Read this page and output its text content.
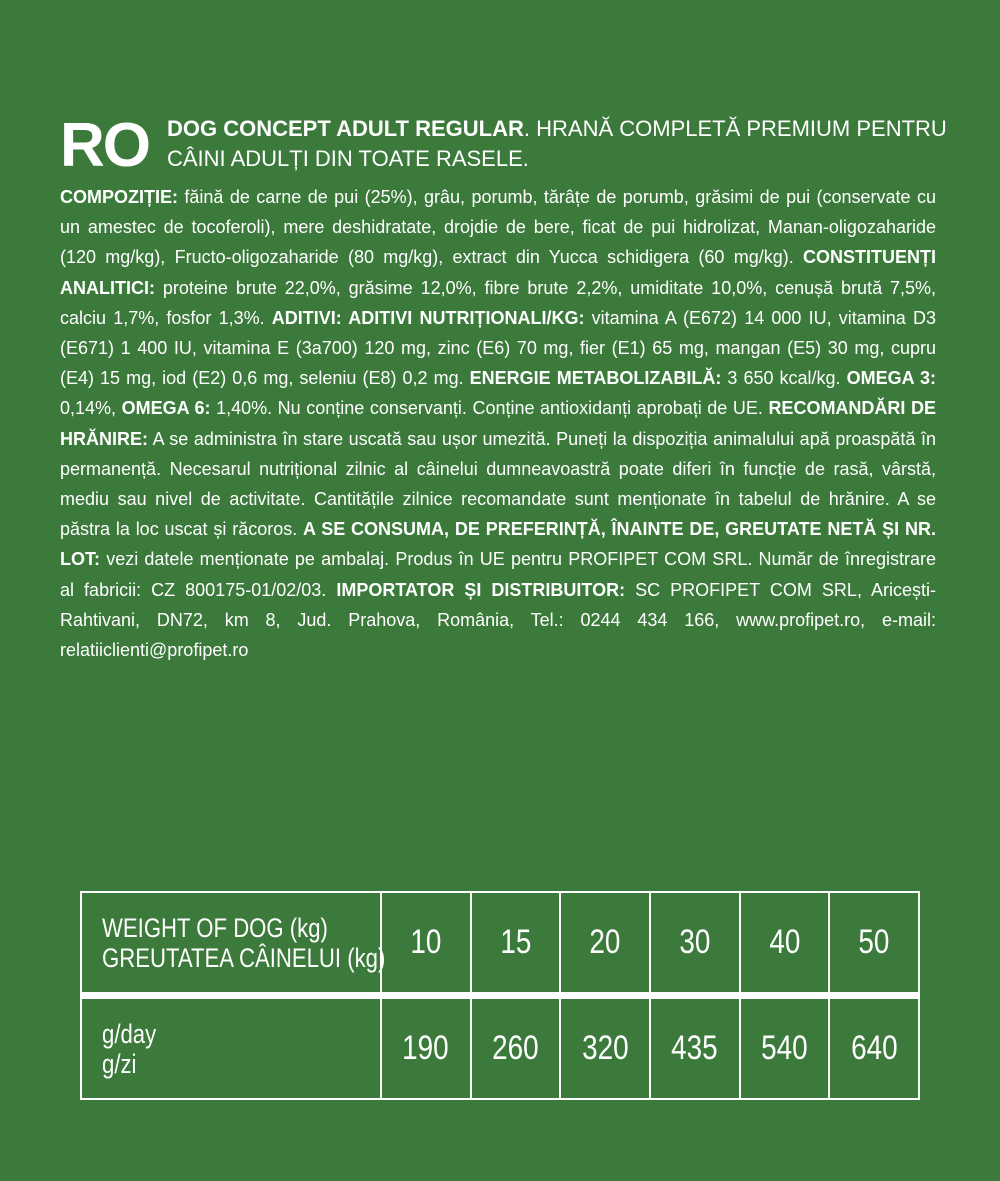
RO DOG CONCEPT ADULT REGULAR. HRANĂ COMPLETĂ PREMIUM PENTRU CÂINI ADULȚI DIN TOATE RASELE.
COMPOZIȚIE: făină de carne de pui (25%), grâu, porumb, tărâțe de porumb, grăsimi de pui (conservate cu un amestec de tocoferoli), mere deshidratate, drojdie de bere, ficat de pui hidrolizat, Manan-oligozaharide (120 mg/kg), Fructo-oligozaharide (80 mg/kg), extract din Yucca schidigera (60 mg/kg). CONSTITUENȚI ANALITICI: proteine brute 22,0%, grăsime 12,0%, fibre brute 2,2%, umiditate 10,0%, cenușă brută 7,5%, calciu 1,7%, fosfor 1,3%. ADITIVI: ADITIVI NUTRIȚIONALI/KG: vitamina A (E672) 14 000 IU, vitamina D3 (E671) 1 400 IU, vitamina E (3a700) 120 mg, zinc (E6) 70 mg, fier (E1) 65 mg, mangan (E5) 30 mg, cupru (E4) 15 mg, iod (E2) 0,6 mg, seleniu (E8) 0,2 mg. ENERGIE METABOLIZABILĂ: 3 650 kcal/kg. OMEGA 3: 0,14%, OMEGA 6: 1,40%. Nu conține conservanți. Conține antioxidanți aprobați de UE. RECOMANDĂRI DE HRĂNIRE: A se administra în stare uscată sau ușor umezită. Puneți la dispoziția animalului apă proaspătă în permanență. Necesarul nutrițional zilnic al câinelui dumneavoastră poate diferi în funcție de rasă, vârstă, mediu sau nivel de activitate. Cantitățile zilnice recomandate sunt menționate în tabelul de hrănire. A se păstra la loc uscat și răcoros. A SE CONSUMA, DE PREFERINȚĂ, ÎNAINTE DE, GREUTATE NETĂ ȘI NR. LOT: vezi datele menționate pe ambalaj. Produs în UE pentru PROFIPET COM SRL. Număr de înregistrare al fabricii: CZ 800175-01/02/03. IMPORTATOR ȘI DISTRIBUITOR: SC PROFIPET COM SRL, Aricești-Rahtivani, DN72, km 8, Jud. Prahova, România, Tel.: 0244 434 166, www.profipet.ro, e-mail: relatiiclienti@profipet.ro
WEIGHT OF DOG (kg)
GREUTATEA CÂINELUI (kg)	10	15	20	30	40	50
g/day
g/zi	190	260	320	435	540	640
